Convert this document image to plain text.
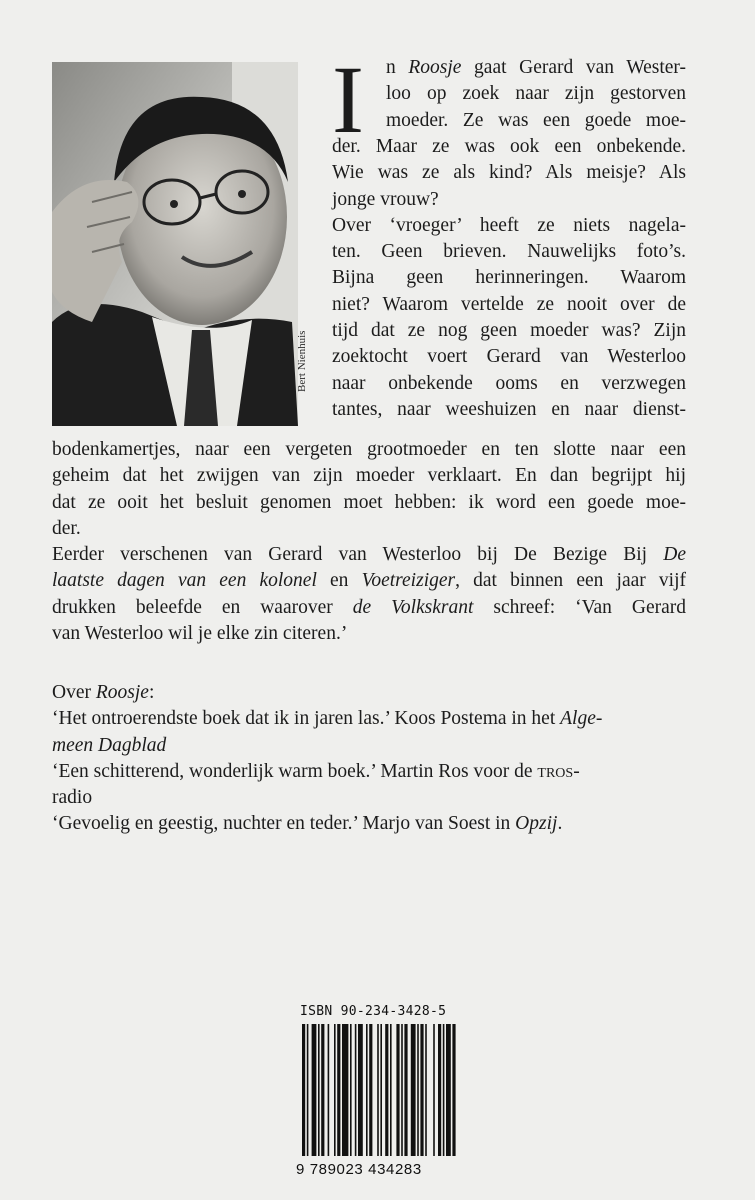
Bert Nienhuis
I n Roosje gaat Gerard van Wester-
loo op zoek naar zijn gestorven
moeder. Ze was een goede moe-
der. Maar ze was ook een onbekende.
Wie was ze als kind? Als meisje? Als
jonge vrouw?
Over ‘vroeger’ heeft ze niets nagela-
ten. Geen brieven. Nauwelijks foto’s.
Bijna geen herinneringen. Waarom
niet? Waarom vertelde ze nooit over de
tijd dat ze nog geen moeder was? Zijn
zoektocht voert Gerard van Westerloo
naar onbekende ooms en verzwegen
tantes, naar weeshuizen en naar dienst-
bodenkamertjes, naar een vergeten grootmoeder en ten slotte naar een
geheim dat het zwijgen van zijn moeder verklaart. En dan begrijpt hij
dat ze ooit het besluit genomen moet hebben: ik word een goede moe-
der.
Eerder verschenen van Gerard van Westerloo bij De Bezige Bij De
laatste dagen van een kolonel en Voetreiziger, dat binnen een jaar vijf
drukken beleefde en waarover de Volkskrant schreef: ‘Van Gerard
van Westerloo wil je elke zin citeren.’
Over Roosje:
‘Het ontroerendste boek dat ik in jaren las.’ Koos Postema in het Alge-
meen Dagblad
‘Een schitterend, wonderlijk warm boek.’ Martin Ros voor de tros-
radio
‘Gevoelig en geestig, nuchter en teder.’ Marjo van Soest in Opzij.
ISBN 90-234-3428-5
9 789023 434283
